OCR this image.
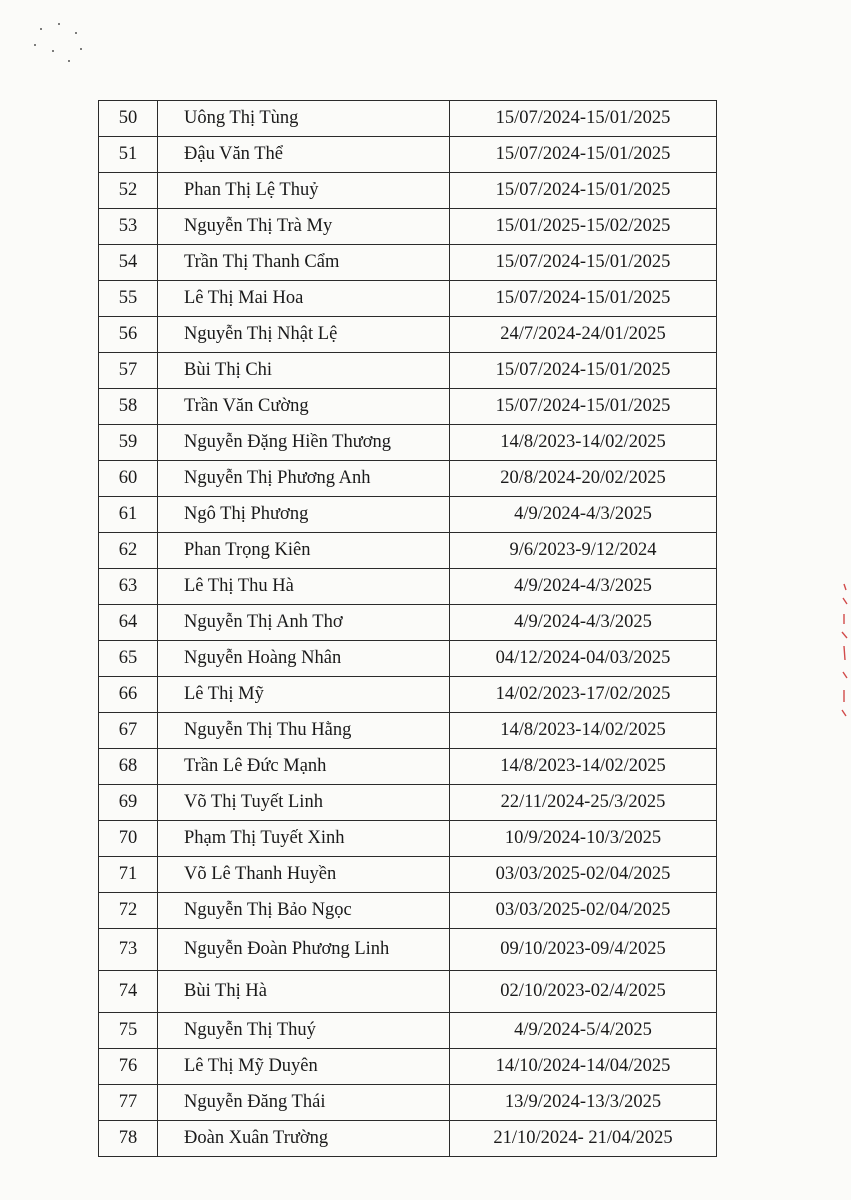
50	Uông Thị Tùng	15/07/2024-15/01/2025
51	Đậu Văn Thể	15/07/2024-15/01/2025
52	Phan Thị Lệ Thuỷ	15/07/2024-15/01/2025
53	Nguyễn Thị Trà My	15/01/2025-15/02/2025
54	Trần Thị Thanh Cẩm	15/07/2024-15/01/2025
55	Lê Thị Mai Hoa	15/07/2024-15/01/2025
56	Nguyễn Thị Nhật Lệ	24/7/2024-24/01/2025
57	Bùi Thị Chi	15/07/2024-15/01/2025
58	Trần Văn Cường	15/07/2024-15/01/2025
59	Nguyễn Đặng Hiền Thương	14/8/2023-14/02/2025
60	Nguyễn Thị Phương Anh	20/8/2024-20/02/2025
61	Ngô Thị Phương	4/9/2024-4/3/2025
62	Phan Trọng Kiên	9/6/2023-9/12/2024
63	Lê Thị Thu Hà	4/9/2024-4/3/2025
64	Nguyễn Thị Anh Thơ	4/9/2024-4/3/2025
65	Nguyễn Hoàng Nhân	04/12/2024-04/03/2025
66	Lê Thị Mỹ	14/02/2023-17/02/2025
67	Nguyễn Thị Thu Hằng	14/8/2023-14/02/2025
68	Trần Lê Đức Mạnh	14/8/2023-14/02/2025
69	Võ Thị Tuyết Linh	22/11/2024-25/3/2025
70	Phạm Thị Tuyết Xinh	10/9/2024-10/3/2025
71	Võ Lê Thanh Huyền	03/03/2025-02/04/2025
72	Nguyễn Thị Bảo Ngọc	03/03/2025-02/04/2025
73	Nguyễn Đoàn Phương Linh	09/10/2023-09/4/2025
74	Bùi Thị Hà	02/10/2023-02/4/2025
75	Nguyễn Thị Thuý	4/9/2024-5/4/2025
76	Lê Thị Mỹ Duyên	14/10/2024-14/04/2025
77	Nguyễn Đăng Thái	13/9/2024-13/3/2025
78	Đoàn Xuân Trường	21/10/2024- 21/04/2025
